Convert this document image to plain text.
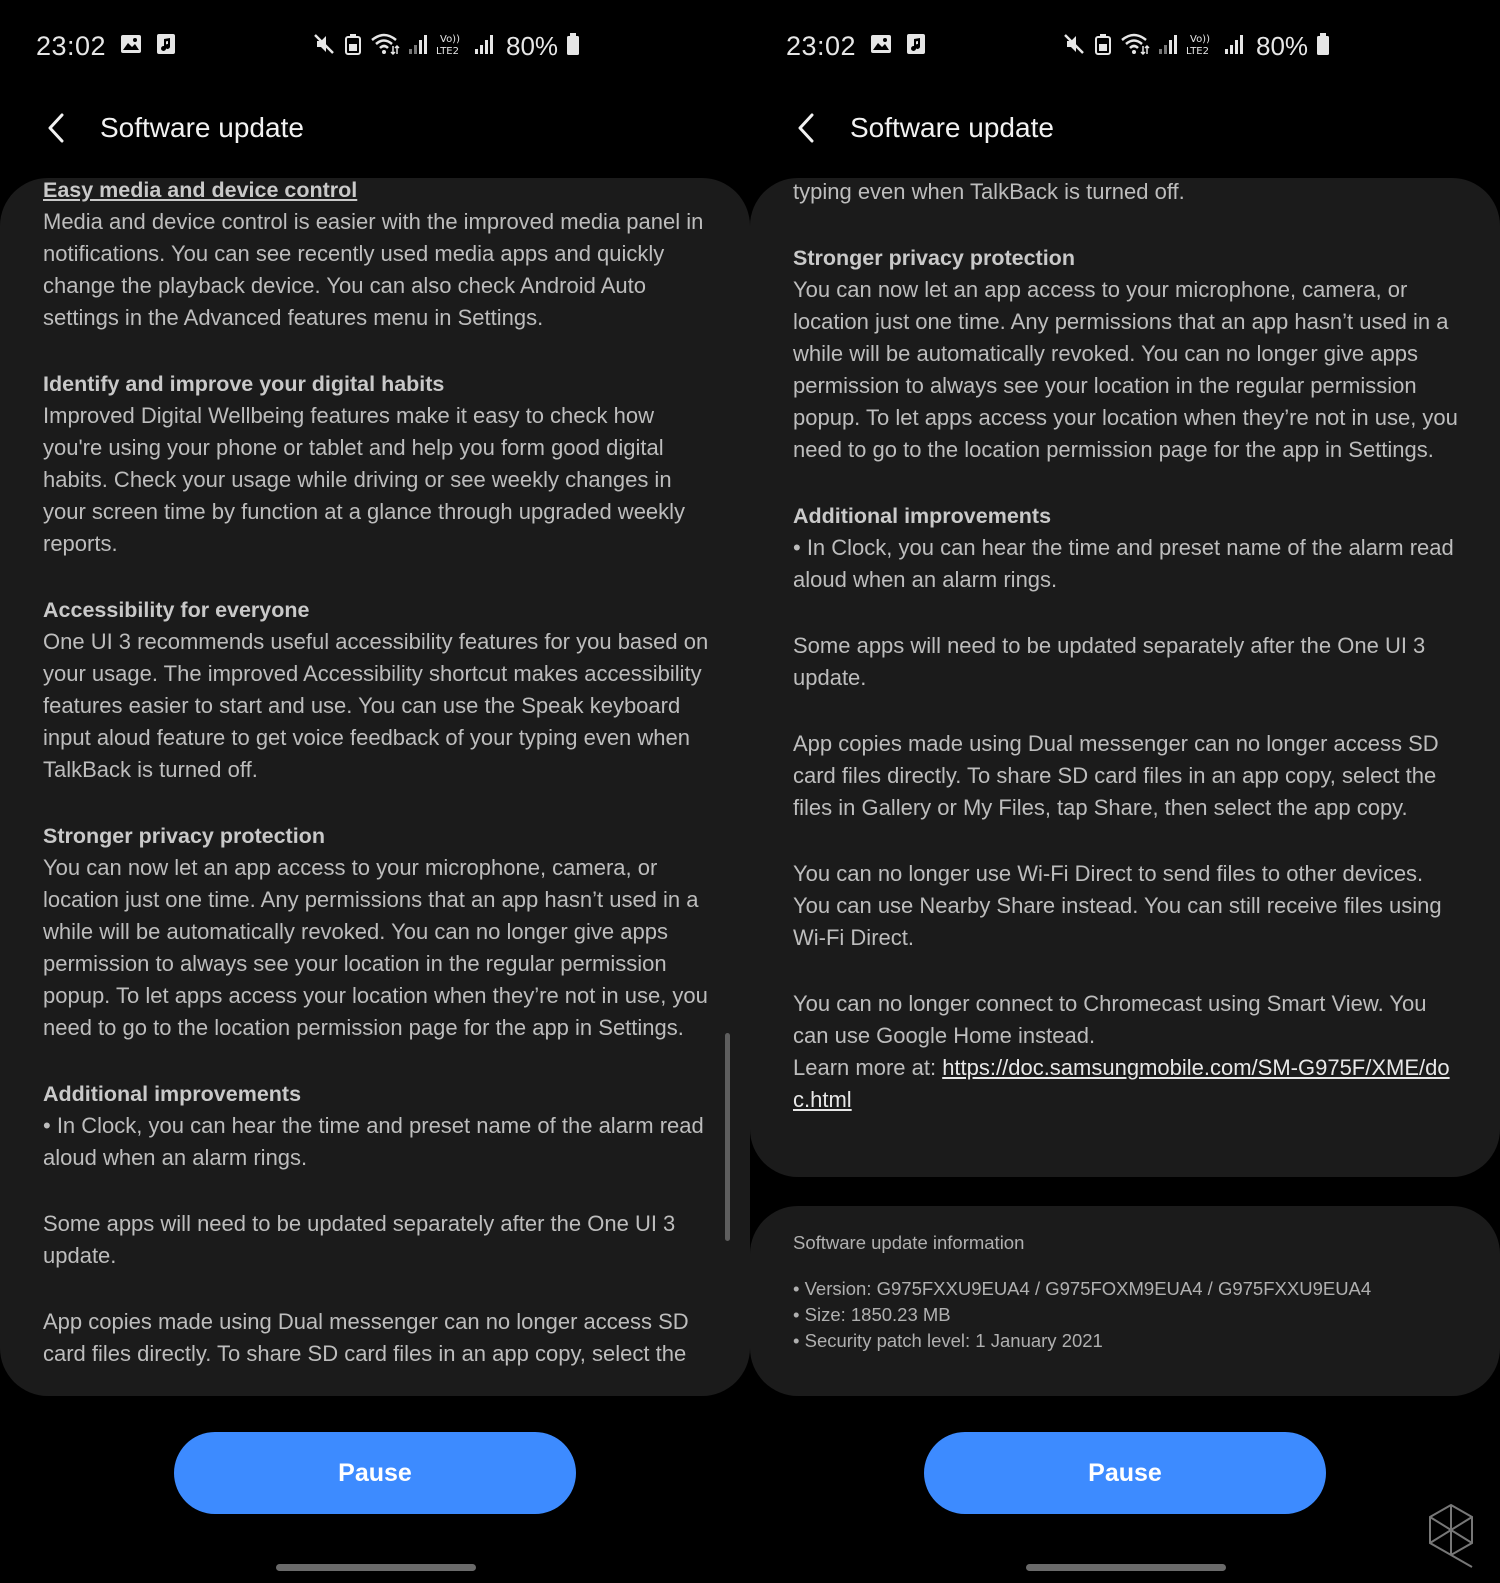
23:02	Vo))
LTE2 80%
Software update
Easy media and device control

Media and device control is easier with the improved media panel in notifications. You can see recently used media apps and quickly change the playback device. You can also check Android Auto settings in the Advanced features menu in Settings.

Identify and improve your digital habits

Improved Digital Wellbeing features make it easy to check how you're using your phone or tablet and help you form good digital habits. Check your usage while driving or see weekly changes in your screen time by function at a glance through upgraded weekly reports.

Accessibility for everyone

One UI 3 recommends useful accessibility features for you based on your usage. The improved Accessibility shortcut makes accessibility features easier to start and use. You can use the Speak keyboard input aloud feature to get voice feedback of your typing even when TalkBack is turned off.

Stronger privacy protection

You can now let an app access to your microphone, camera, or location just one time. Any permissions that an app hasn’t used in a while will be automatically revoked. You can no longer give apps permission to always see your location in the regular permission popup. To let apps access your location when they’re not in use, you need to go to the location permission page for the app in Settings.

Additional improvements

• In Clock, you can hear the time and preset name of the alarm read aloud when an alarm rings.

Some apps will need to be updated separately after the One UI 3 update.

App copies made using Dual messenger can no longer access SD card files directly. To share SD card files in an app copy, select the

Pause
23:02	Vo))
LTE2 80%
Software update

typing even when TalkBack is turned off.

Stronger privacy protection

You can now let an app access to your microphone, camera, or location just one time. Any permissions that an app hasn’t used in a while will be automatically revoked. You can no longer give apps permission to always see your location in the regular permission popup. To let apps access your location when they’re not in use, you need to go to the location permission page for the app in Settings.

Additional improvements

• In Clock, you can hear the time and preset name of the alarm read aloud when an alarm rings.

Some apps will need to be updated separately after the One UI 3 update.

App copies made using Dual messenger can no longer access SD card files directly. To share SD card files in an app copy, select the files in Gallery or My Files, tap Share, then select the app copy.

You can no longer use Wi-Fi Direct to send files to other devices. You can use Nearby Share instead. You can still receive files using Wi-Fi Direct.

You can no longer connect to Chromecast using Smart View. You can use Google Home instead.

Learn more at: https://doc.samsungmobile.com/SM-G975F/XME/doc.html

Software update information
• Version: G975FXXU9EUA4 / G975FOXM9EUA4 / G975FXXU9EUA4
• Size: 1850.23 MB
• Security patch level: 1 January 2021
Pause
